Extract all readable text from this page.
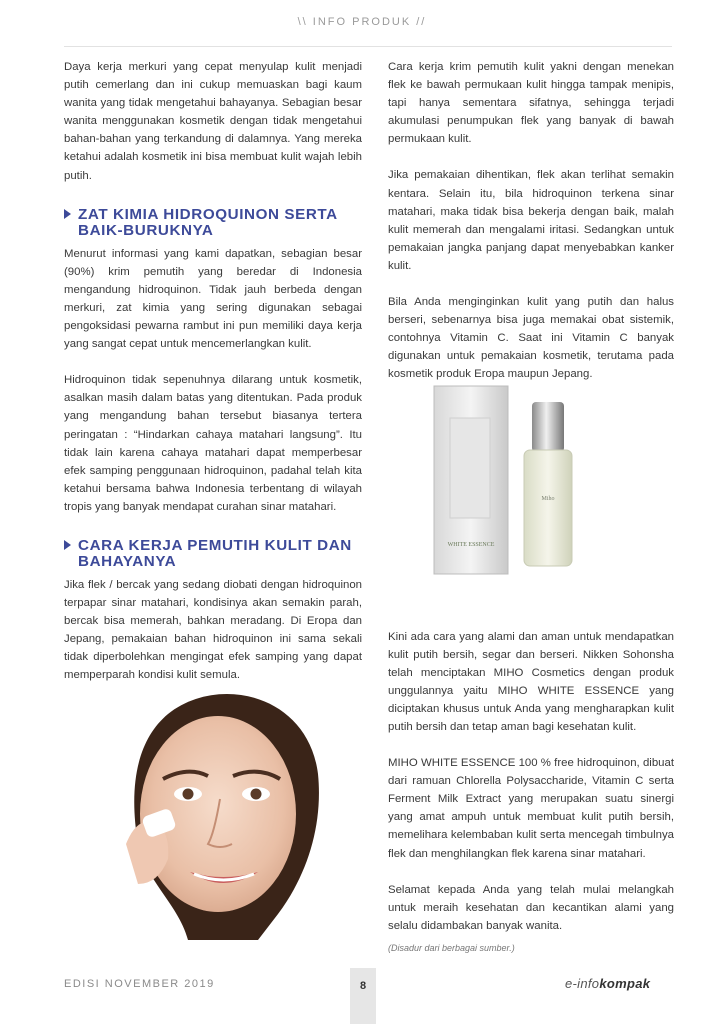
\\ INFO PRODUK //

Daya kerja merkuri yang cepat menyulap kulit menjadi putih cemerlang dan ini cukup memuaskan bagi kaum wanita yang tidak mengetahui bahayanya. Sebagian besar wanita menggunakan kosmetik dengan tidak mengetahui bahan-bahan yang terkandung di dalamnya. Yang mereka ketahui adalah kosmetik ini bisa membuat kulit wajah lebih putih.

ZAT KIMIA HIDROQUINON SERTA BAIK-BURUKNYA

Menurut informasi yang kami dapatkan, sebagian besar (90%) krim pemutih yang beredar di Indonesia mengandung hidroquinon. Tidak jauh berbeda dengan merkuri, zat kimia yang sering digunakan sebagai pengoksidasi pewarna rambut ini pun memiliki daya kerja yang sangat cepat untuk mencemerlangkan kulit.

Hidroquinon tidak sepenuhnya dilarang untuk kosmetik, asalkan masih dalam batas yang ditentukan. Pada produk yang mengandung bahan tersebut biasanya tertera peringatan : “Hindarkan cahaya matahari langsung”. Itu tidak lain karena cahaya matahari dapat memperbesar efek samping penggunaan hidroquinon, padahal telah kita ketahui bersama bahwa Indonesia terbentang di wilayah tropis yang banyak mendapat curahan sinar matahari.

CARA KERJA PEMUTIH KULIT DAN BAHAYANYA

Jika flek / bercak yang sedang diobati dengan hidroquinon terpapar sinar matahari, kondisinya akan semakin parah, bercak bisa memerah, bahkan meradang. Di Eropa dan Jepang, pemakaian bahan hidroquinon ini sama sekali tidak diperbolehkan mengingat efek samping yang dapat memperparah kondisi kulit semula.

Cara kerja krim pemutih kulit yakni dengan menekan flek ke bawah permukaan kulit hingga tampak menipis, tapi hanya sementara sifatnya, sehingga terjadi akumulasi penumpukan flek yang banyak di bawah permukaan kulit.

Jika pemakaian dihentikan, flek akan terlihat semakin kentara. Selain itu, bila hidroquinon terkena sinar matahari, maka tidak bisa bekerja dengan baik, malah kulit memerah dan mengalami iritasi. Sedangkan untuk pemakaian jangka panjang dapat menyebabkan kanker kulit.

Bila Anda menginginkan kulit yang putih dan halus berseri, sebenarnya bisa juga memakai obat sistemik, contohnya Vitamin C. Saat ini Vitamin C banyak digunakan untuk pemakaian kosmetik, terutama pada kosmetik produk Eropa maupun Jepang.

Kini ada cara yang alami dan aman untuk mendapatkan kulit putih bersih, segar dan berseri. Nikken Sohonsha telah menciptakan MIHO Cosmetics dengan produk unggulannya yaitu MIHO WHITE ESSENCE yang diciptakan khusus untuk Anda yang mengharapkan kulit putih bersih dan tetap aman bagi kesehatan kulit.

MIHO WHITE ESSENCE 100 % free hidroquinon, dibuat dari ramuan Chlorella Polysaccharide, Vitamin C serta Ferment Milk Extract yang merupakan suatu sinergi yang amat ampuh untuk membuat kulit putih bersih, memelihara kelembaban kulit serta mencegah timbulnya flek dan menghilangkan flek karena sinar matahari.

Selamat kepada Anda yang telah mulai melangkah untuk meraih kesehatan dan kecantikan alami yang selalu didambakan banyak wanita.

(Disadur dari berbagai sumber.)
WHITE ESSENCE
Miho
EDISI NOVEMBER 2019	8	e-infokompak
